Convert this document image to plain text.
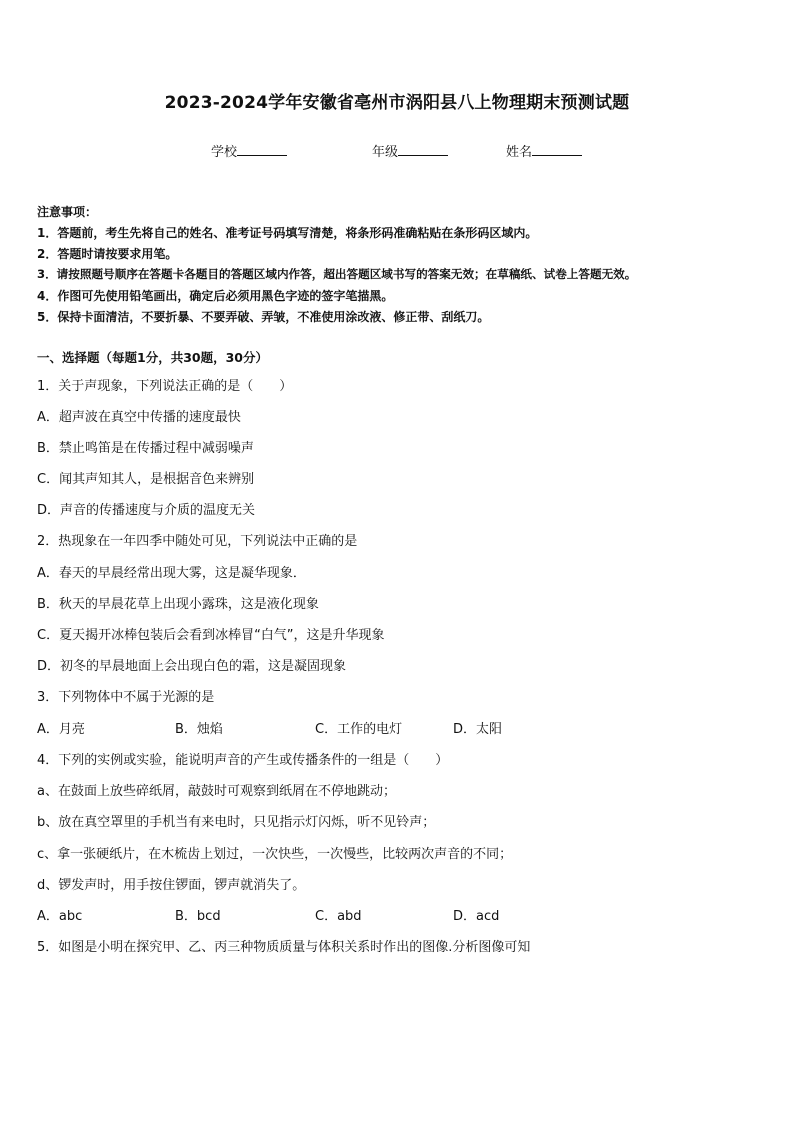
2023-2024学年安徽省亳州市涡阳县八上物理期末预测试题
学校	年级	姓名
注意事项：
1．答题前，考生先将自己的姓名、准考证号码填写清楚，将条形码准确粘贴在条形码区域内。
2．答题时请按要求用笔。
3．请按照题号顺序在答题卡各题目的答题区域内作答，超出答题区域书写的答案无效；在草稿纸、试卷上答题无效。
4．作图可先使用铅笔画出，确定后必须用黑色字迹的签字笔描黑。
5．保持卡面清洁，不要折暴、不要弄破、弄皱，不准使用涂改液、修正带、刮纸刀。
一、选择题（每题1分，共30题，30分）
1．关于声现象，下列说法正确的是（　　）
A．超声波在真空中传播的速度最快
B．禁止鸣笛是在传播过程中减弱噪声
C．闻其声知其人，是根据音色来辨别
D．声音的传播速度与介质的温度无关
2．热现象在一年四季中随处可见，下列说法中正确的是
A．春天的早晨经常出现大雾，这是凝华现象．
B．秋天的早晨花草上出现小露珠，这是液化现象
C．夏天揭开冰棒包装后会看到冰棒冒“白气”，这是升华现象
D．初冬的早晨地面上会出现白色的霜，这是凝固现象
3．下列物体中不属于光源的是
A．月亮	B．烛焰	C．工作的电灯	D．太阳
4．下列的实例或实验，能说明声音的产生或传播条件的一组是（　　）
a、在鼓面上放些碎纸屑，敲鼓时可观察到纸屑在不停地跳动；
b、放在真空罩里的手机当有来电时，只见指示灯闪烁，听不见铃声；
c、拿一张硬纸片，在木梳齿上划过，一次快些，一次慢些，比较两次声音的不同；
d、锣发声时，用手按住锣面，锣声就消失了。
A．abc	B．bcd	C．abd	D．acd
5．如图是小明在探究甲、乙、丙三种物质质量与体积关系时作出的图像.分析图像可知
